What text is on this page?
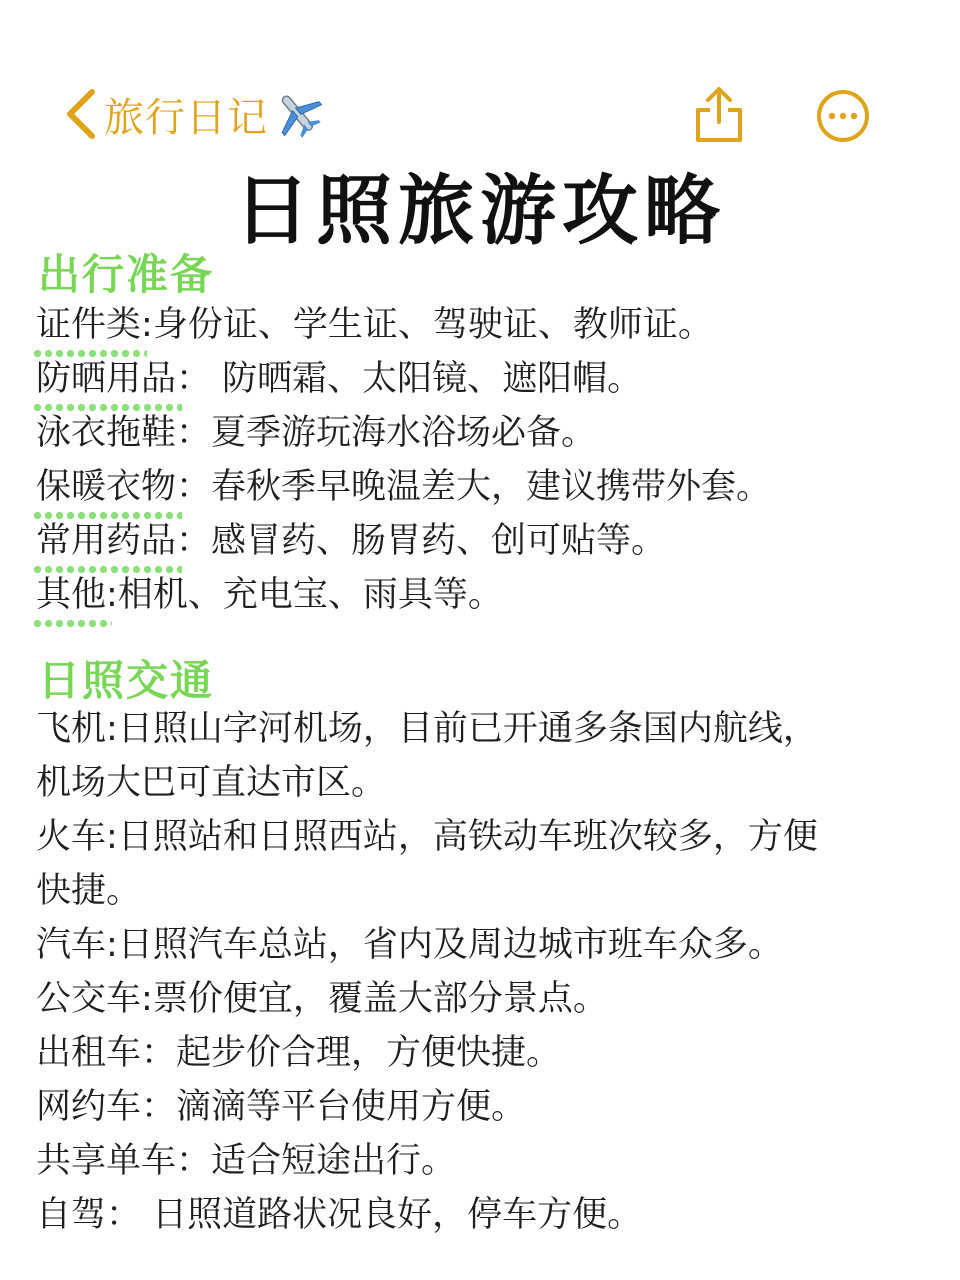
旅行日记
日照旅游攻略
出行准备
证件类
:身份证、学生证、驾驶证、教师证。
防晒用品
： 防晒霜、太阳镜、遮阳帽。
泳衣拖鞋：夏季游玩海水浴场必备。
保暖衣物
：春秋季早晚温差大，建议携带外套。
常用药品
：感冒药、肠胃药、创可贴等。
其他
:相机、充电宝、雨具等。
日照交通
飞机:日照山字河机场，目前已开通多条国内航线，
机场大巴可直达市区。
火车:日照站和日照西站，高铁动车班次较多，方便
快捷。
汽车:日照汽车总站，省内及周边城市班车众多。
公交车:票价便宜，覆盖大部分景点。
出租车：起步价合理，方便快捷。
网约车：滴滴等平台使用方便。
共享单车：适合短途出行。
自驾： 日照道路状况良好，停车方便。
